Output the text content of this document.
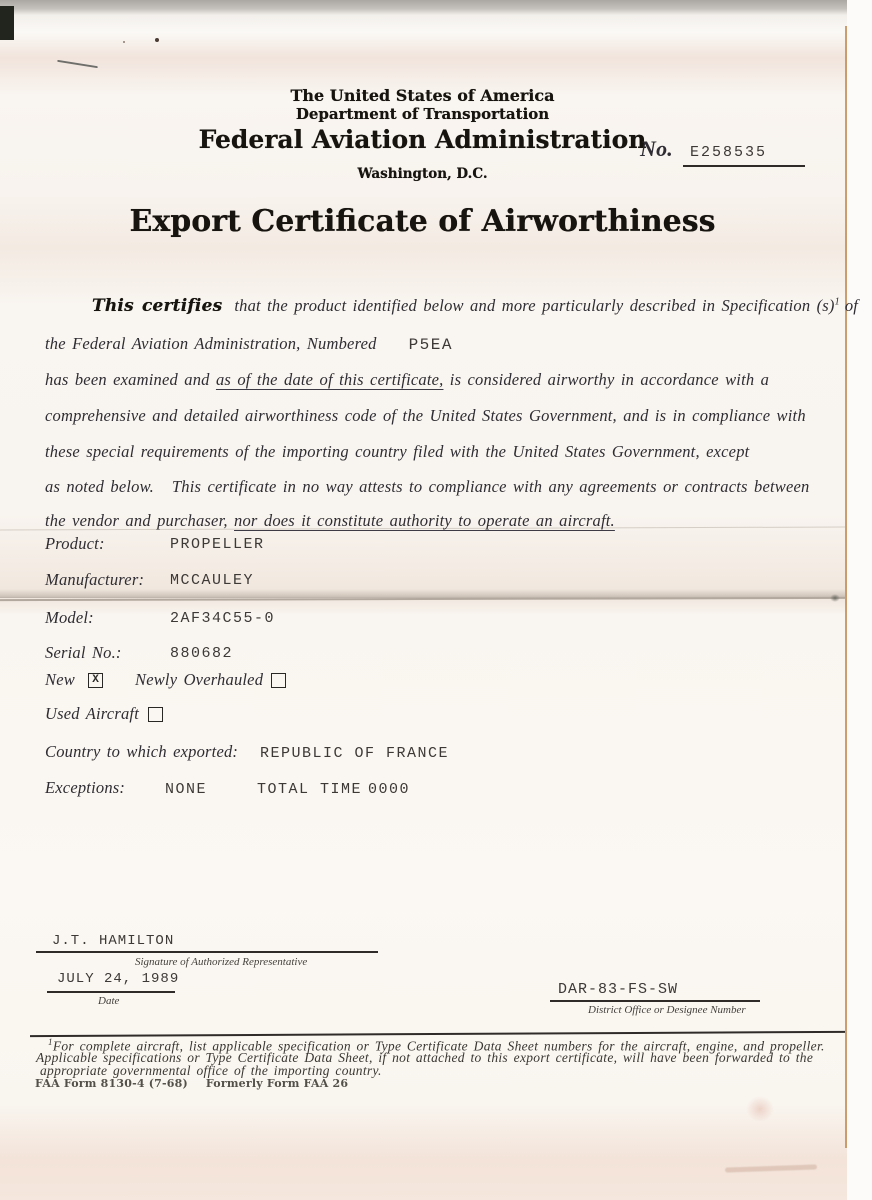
The United States of America
Department of Transportation
Federal Aviation Administration
Washington, D.C.
No. E258535
Export Certificate of Airworthiness
This certifies that the product identified below and more particularly described in Specification $(s)^1$ of
the Federal Aviation Administration, Numbered P5EA
has been examined and as of the date of this certificate, is considered airworthy in accordance with a
comprehensive and detailed airworthiness code of the United States Government, and is in compliance with
these special requirements of the importing country filed with the United States Government, except
as noted below. This certificate in no way attests to compliance with any agreements or contracts between
the vendor and purchaser, nor does it constitute authority to operate an aircraft.
Product:	PROPELLER
Manufacturer: MCCAULEY
Model:	2AF34C55-0
Serial No.:	880682
New	X Newly Overhauled
Used Aircraft
Country to which exported: REPUBLIC OF FRANCE
Exceptions:	NONE	TOTAL TIME 0000
J.T. HAMILTON
Signature of Authorized Representative
JULY 24, 1989
Date
DAR-83-FS-SW
District Office or Designee Number
$^1$For complete aircraft, list applicable specification or Type Certificate Data Sheet numbers for the aircraft, engine, and propeller.
Applicable specifications or Type Certificate Data Sheet, if not attached to this export certificate, will have been forwarded to the
appropriate governmental office of the importing country.
FAA Form 8130-4 (7-68) Formerly Form FAA 26
